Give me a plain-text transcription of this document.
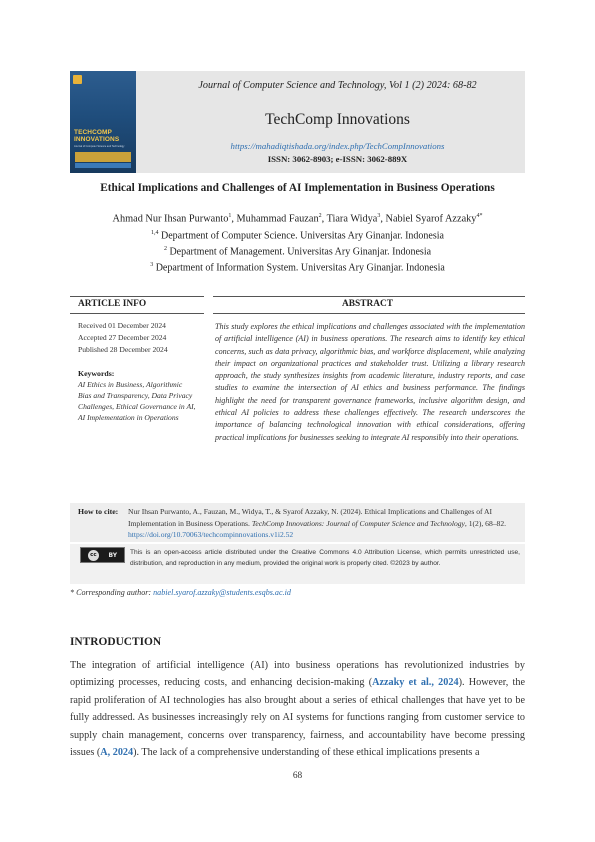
TECHCOMP
INNOVATIONS
Journal of Computer Science and Technology
Journal of Computer Science and Technology, Vol 1 (2) 2024: 68-82
TechComp Innovations
https://mahadiqtishada.org/index.php/TechCompInnovations
ISSN: 3062-8903; e-ISSN: 3062-889X
Ethical Implications and Challenges of AI Implementation in Business Operations
Ahmad Nur Ihsan Purwanto$^1$, Muhammad Fauzan$^2$, Tiara Widya$^3$, Nabiel Syarof Azzaky$^{4*}$
$^{1,4}$ Department of Computer Science. Universitas Ary Ginanjar. Indonesia
$^2$ Department of Management. Universitas Ary Ginanjar. Indonesia
$^3$ Department of Information System. Universitas Ary Ginanjar. Indonesia
ARTICLE INFO	ABSTRACT
Received 01 December 2024
Accepted 27 December 2024
Published 28 December 2024
Keywords:
AI Ethics in Business, Algorithmic Bias and Transparency, Data Privacy Challenges, Ethical Governance in AI, AI Implementation in Operations
This study explores the ethical implications and challenges associated with the implementation of artificial intelligence (AI) in business operations. The research aims to identify key ethical concerns, such as data privacy, algorithmic bias, and workforce displacement, while analyzing their impact on organizational practices and stakeholder trust. Utilizing a library research approach, the study synthesizes insights from academic literature, industry reports, and case studies to examine the intersection of AI ethics and business performance. The findings highlight the need for transparent governance frameworks, inclusive algorithm design, and ethical AI policies to address these challenges effectively. The research underscores the importance of balancing technological innovation with ethical considerations, offering practical implications for businesses seeking to integrate AI responsibly into their operations.
How to cite: Nur Ihsan Purwanto, A., Fauzan, M., Widya, T., & Syarof Azzaky, N. (2024). Ethical Implications and Challenges of AI Implementation in Business Operations. TechComp Innovations: Journal of Computer Science and Technology, 1(2), 68–82. https://doi.org/10.70063/techcompinnovations.v1i2.52
cc	BY This is an open-access article distributed under the Creative Commons 4.0 Attribution License, which permits unrestricted use, distribution, and reproduction in any medium, provided the original work is properly cited. ©2023 by author.
* Corresponding author: nabiel.syarof.azzaky@students.esqbs.ac.id
INTRODUCTION
The integration of artificial intelligence (AI) into business operations has revolutionized industries by optimizing processes, reducing costs, and enhancing decision-making (Azzaky et al., 2024). However, the rapid proliferation of AI technologies has also brought about a series of ethical challenges that have yet to be fully addressed. As businesses increasingly rely on AI systems for functions ranging from customer service to supply chain management, concerns over transparency, fairness, and accountability have become pressing issues (A, 2024). The lack of a comprehensive understanding of these ethical implications presents a
68
